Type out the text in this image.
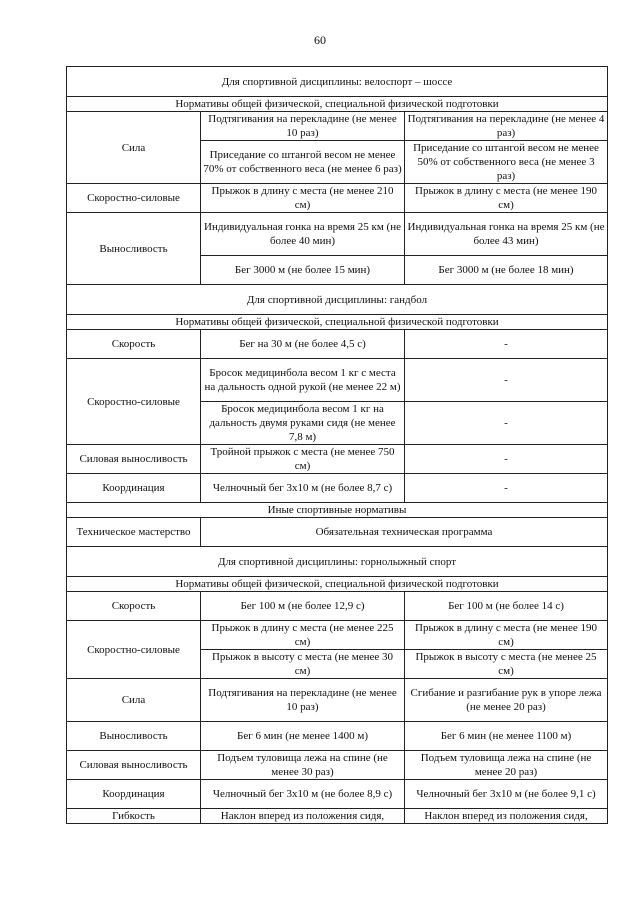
60
Для спортивной дисциплины: велоспорт – шоссе		
Нормативы общей физической, специальной физической подготовки		
Сила	Подтягивания на перекладине (не менее 10 раз)	Подтягивания на перекладине (не менее 4 раз)
	Приседание со штангой весом не менее 70% от собственного веса (не менее 6 раз)	Приседание со штангой весом не менее 50% от собственного веса (не менее 3 раз)
Скоростно-силовые	Прыжок в длину с места (не менее 210 см)	Прыжок в длину с места (не менее 190 см)
Выносливость	Индивидуальная гонка на время 25 км (не более 40 мин)	Индивидуальная гонка на время 25 км (не более 43 мин)
	Бег 3000 м (не более 15 мин)	Бег 3000 м (не более 18 мин)
Для спортивной дисциплины: гандбол		
Нормативы общей физической, специальной физической подготовки		
Скорость	Бег на 30 м (не более 4,5 с)	-
Скоростно-силовые	Бросок медицинбола весом 1 кг с места на дальность одной рукой (не менее 22 м)	-
	Бросок медицинбола весом 1 кг на дальность двумя руками сидя (не менее 7,8 м)	-
Силовая выносливость	Тройной прыжок с места (не менее 750 см)	-
Координация	Челночный бег 3х10 м (не более 8,7 с)	-
Иные спортивные нормативы		
Техническое мастерство	Обязательная техническая программа	
Для спортивной дисциплины: горнолыжный спорт		
Нормативы общей физической, специальной физической подготовки		
Скорость	Бег 100 м (не более 12,9 с)	Бег 100 м (не более 14 с)
Скоростно-силовые	Прыжок в длину с места (не менее 225 см)	Прыжок в длину с места (не менее 190 см)
	Прыжок в высоту с места (не менее 30 см)	Прыжок в высоту с места (не менее 25 см)
Сила	Подтягивания на перекладине (не менее 10 раз)	Сгибание и разгибание рук в упоре лежа (не менее 20 раз)
Выносливость	Бег 6 мин (не менее 1400 м)	Бег 6 мин (не менее 1100 м)
Силовая выносливость	Подъем туловища лежа на спине (не менее 30 раз)	Подъем туловища лежа на спине (не менее 20 раз)
Координация	Челночный бег 3х10 м (не более 8,9 с)	Челночный бег 3х10 м (не более 9,1 с)
Гибкость	Наклон вперед из положения сидя,	Наклон вперед из положения сидя,
